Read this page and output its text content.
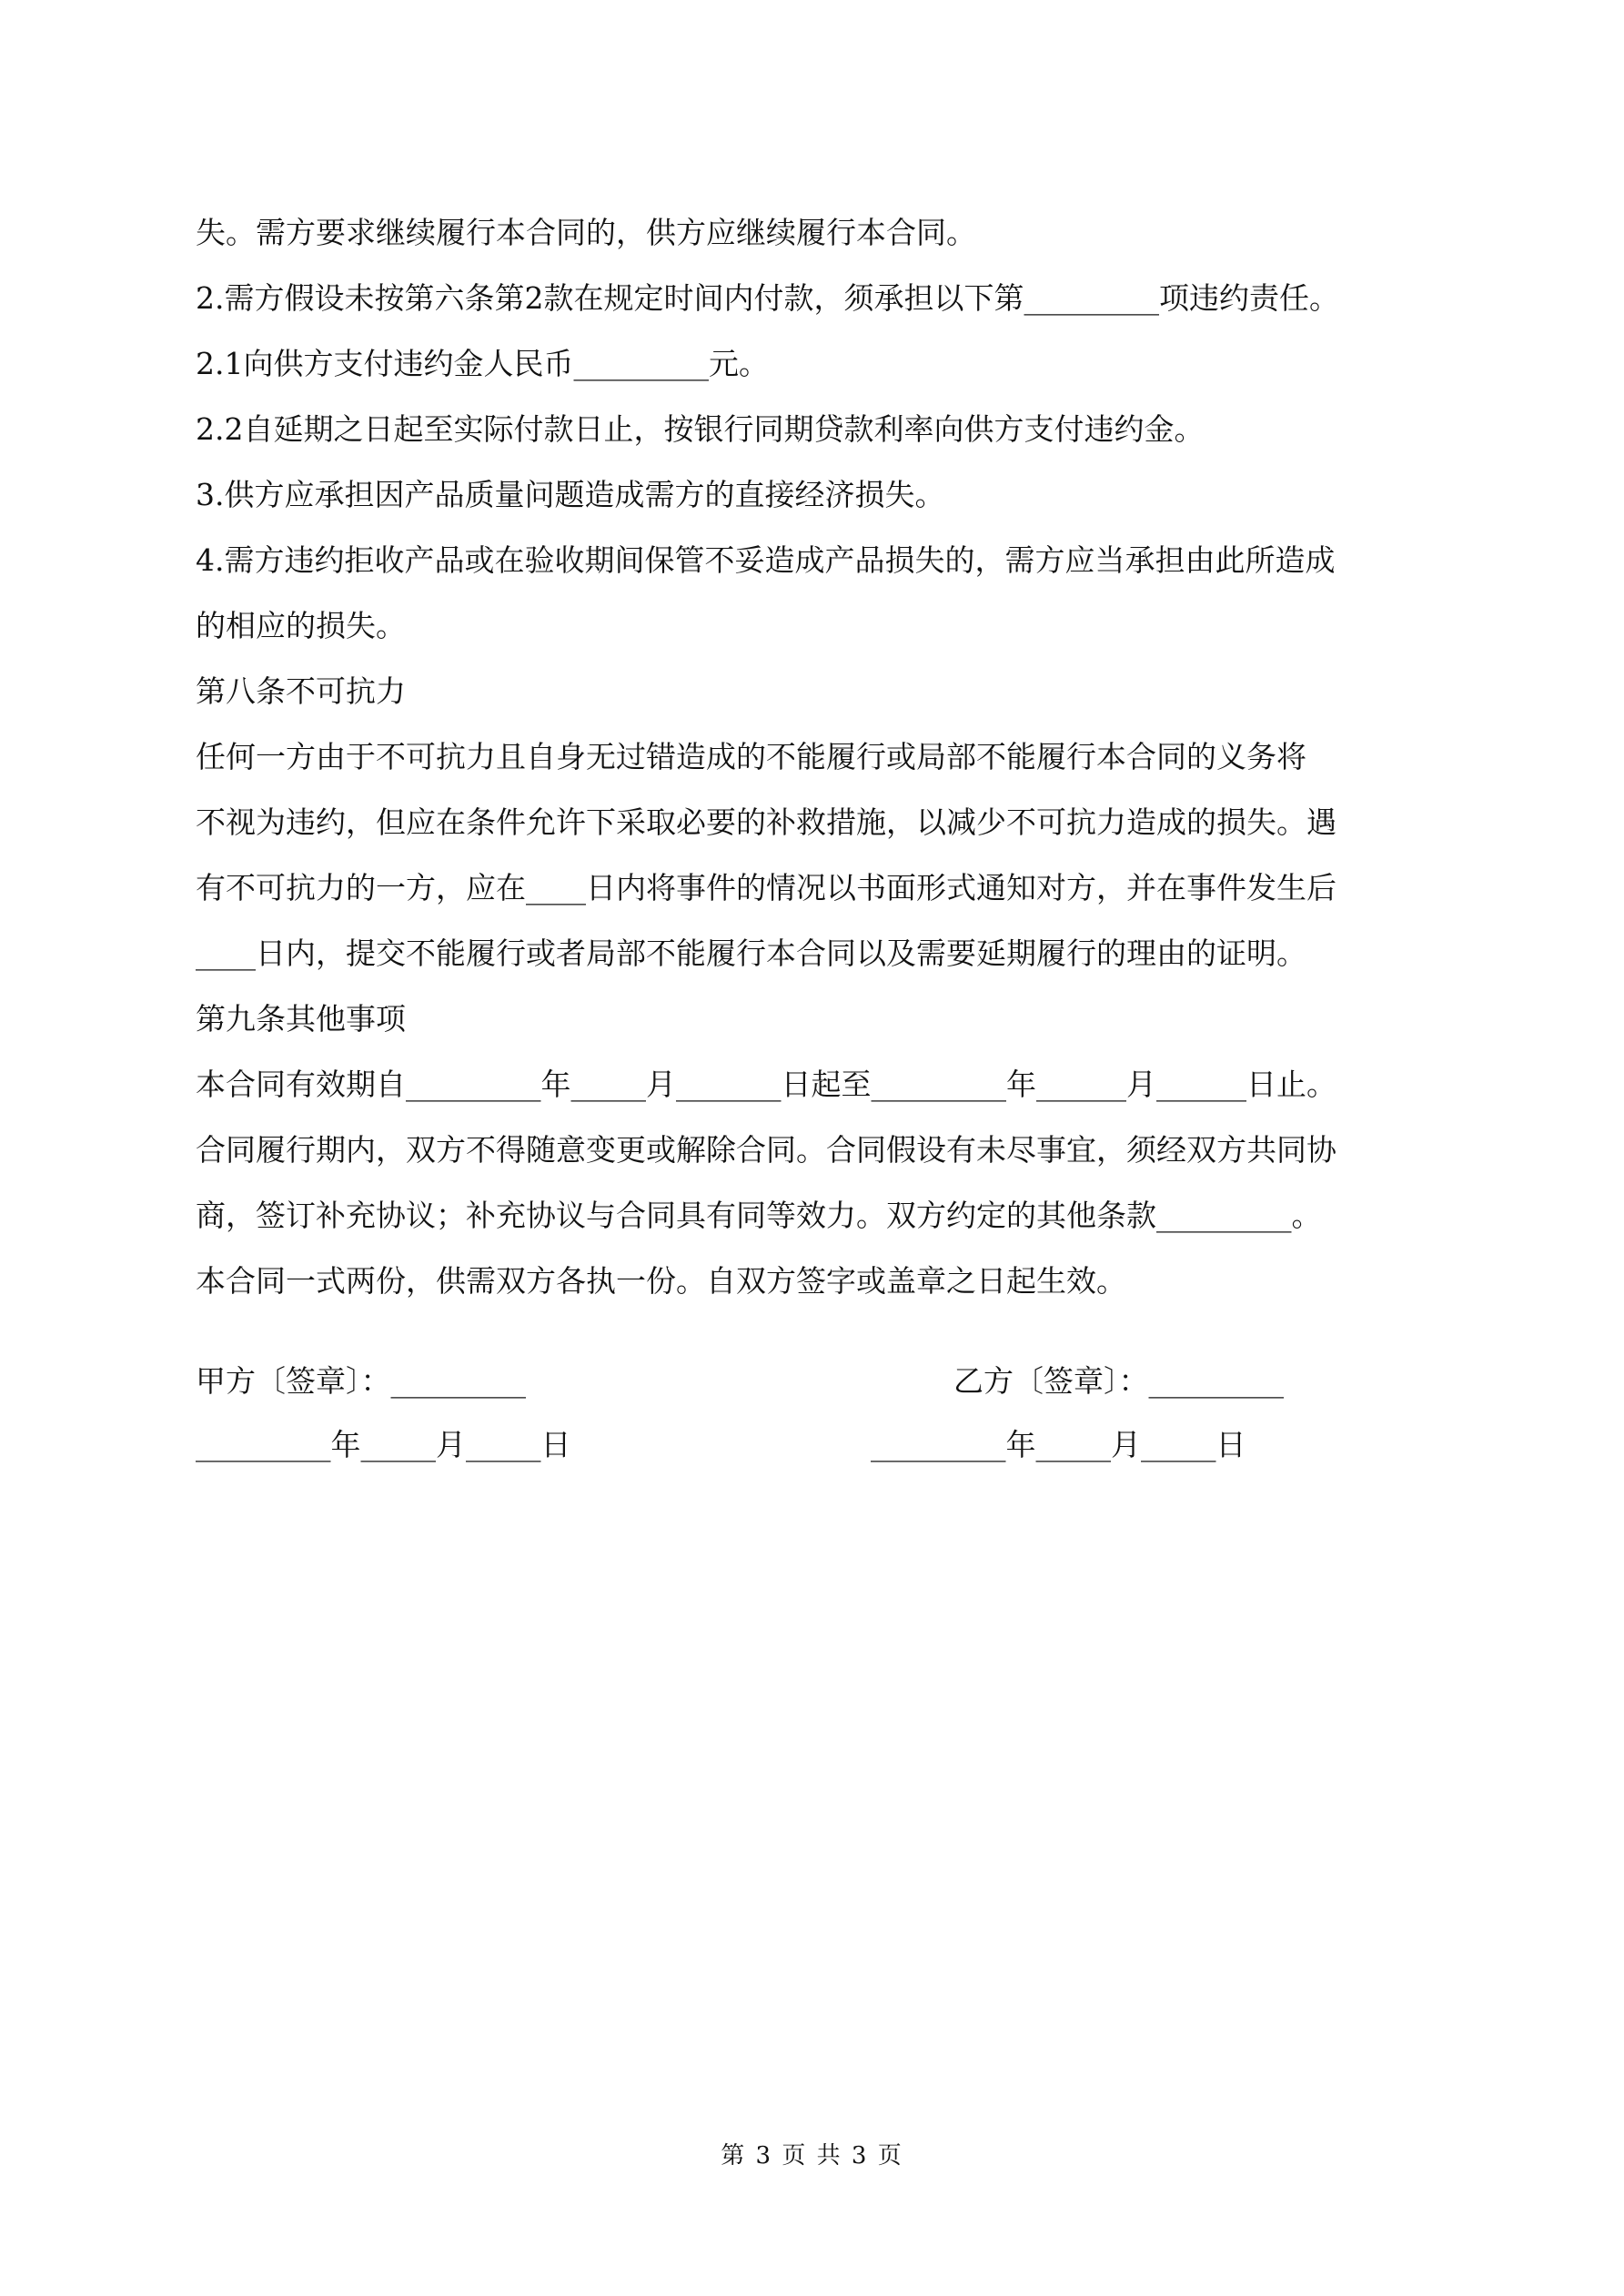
失。需方要求继续履行本合同的，供方应继续履行本合同。
2.需方假设未按第六条第2款在规定时间内付款，须承担以下第_________项违约责任。
2.1向供方支付违约金人民币_________元。
2.2自延期之日起至实际付款日止，按银行同期贷款利率向供方支付违约金。
3.供方应承担因产品质量问题造成需方的直接经济损失。
4.需方违约拒收产品或在验收期间保管不妥造成产品损失的，需方应当承担由此所造成
的相应的损失。
第八条不可抗力
任何一方由于不可抗力且自身无过错造成的不能履行或局部不能履行本合同的义务将
不视为违约，但应在条件允许下采取必要的补救措施，以减少不可抗力造成的损失。遇
有不可抗力的一方，应在____日内将事件的情况以书面形式通知对方，并在事件发生后
____日内，提交不能履行或者局部不能履行本合同以及需要延期履行的理由的证明。
第九条其他事项
本合同有效期自_________年_____月_______日起至_________年______月______日止。
合同履行期内，双方不得随意变更或解除合同。合同假设有未尽事宜，须经双方共同协
商，签订补充协议；补充协议与合同具有同等效力。双方约定的其他条款_________。
本合同一式两份，供需双方各执一份。自双方签字或盖章之日起生效。
甲方〔签章〕：_________	乙方〔签章〕：_________
_________年_____月_____日	_________年_____月_____日
第 3 页 共 3 页
